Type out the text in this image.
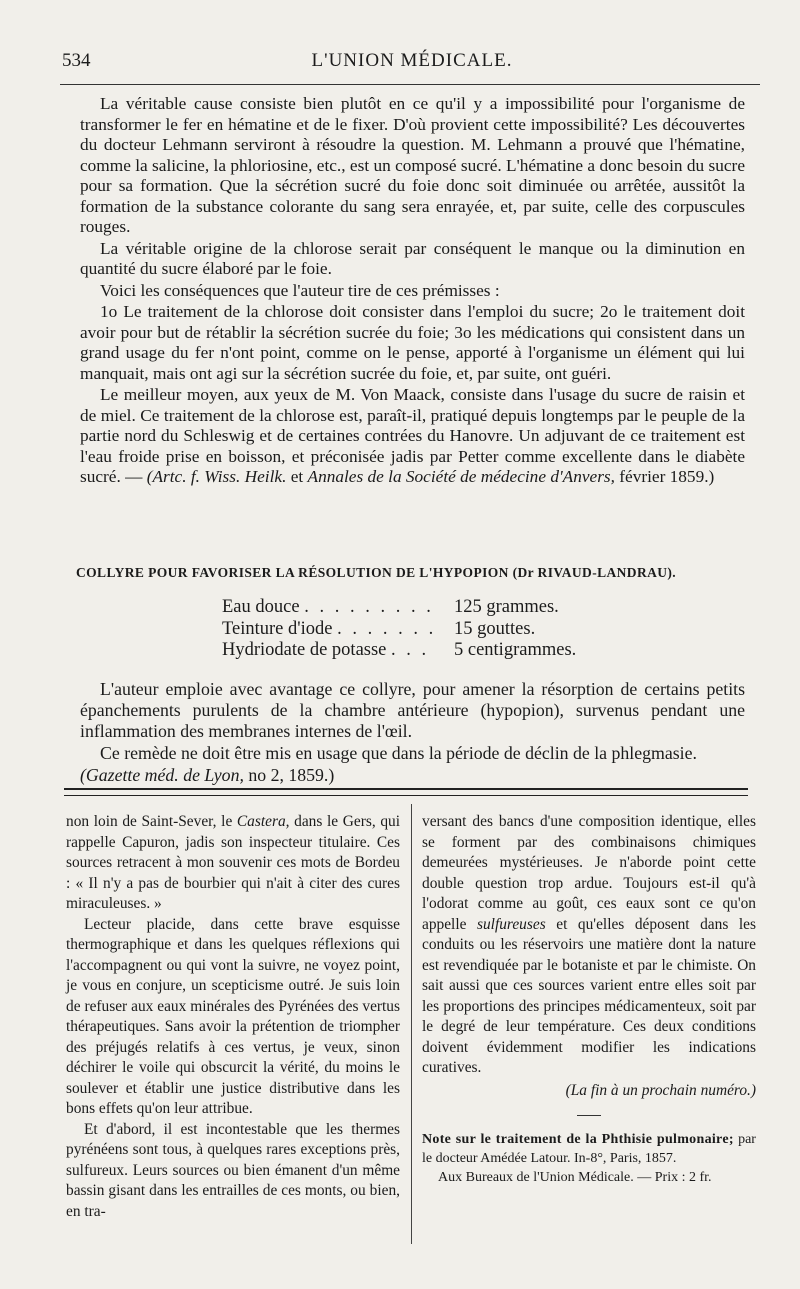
534	L'UNION MÉDICALE.

La véritable cause consiste bien plutôt en ce qu'il y a impossibilité pour l'organisme de transformer le fer en hématine et de le fixer. D'où provient cette impossibilité? Les découvertes du docteur Lehmann serviront à résoudre la question. M. Lehmann a prouvé que l'hématine, comme la salicine, la phloriosine, etc., est un composé sucré. L'hématine a donc besoin du sucre pour sa formation. Que la sécrétion sucré du foie donc soit diminuée ou arrêtée, aussitôt la formation de la substance colorante du sang sera enrayée, et, par suite, celle des corpuscules rouges.

La véritable origine de la chlorose serait par conséquent le manque ou la diminution en quantité du sucre élaboré par le foie.

Voici les conséquences que l'auteur tire de ces prémisses :

1o Le traitement de la chlorose doit consister dans l'emploi du sucre; 2o le traitement doit avoir pour but de rétablir la sécrétion sucrée du foie; 3o les médications qui consistent dans un grand usage du fer n'ont point, comme on le pense, apporté à l'organisme un élément qui lui manquait, mais ont agi sur la sécrétion sucrée du foie, et, par suite, ont guéri.

Le meilleur moyen, aux yeux de M. Von Maack, consiste dans l'usage du sucre de raisin et de miel. Ce traitement de la chlorose est, paraît-il, pratiqué depuis longtemps par le peuple de la partie nord du Schleswig et de certaines contrées du Hanovre. Un adjuvant de ce traitement est l'eau froide prise en boisson, et préconisée jadis par Petter comme excellente dans le diabète sucré. — (Artc. f. Wiss. Heilk. et Annales de la Société de médecine d'Anvers, février 1859.)

COLLYRE POUR FAVORISER LA RÉSOLUTION DE L'HYPOPION (Dr RIVAUD-LANDRAU).
Eau douce . . . . . . . . .	125 grammes.
Teinture d'iode . . . . . . . 15 gouttes.
Hydriodate de potasse . . .	5 centigrammes.

L'auteur emploie avec avantage ce collyre, pour amener la résorption de certains petits épanchements purulents de la chambre antérieure (hypopion), survenus pendant une inflammation des membranes internes de l'œil.

Ce remède ne doit être mis en usage que dans la période de déclin de la phlegmasie.

(Gazette méd. de Lyon, no 2, 1859.)

non loin de Saint-Sever, le Castera, dans le Gers, qui rappelle Capuron, jadis son inspecteur titulaire. Ces sources retracent à mon souvenir ces mots de Bordeu : « Il n'y a pas de bourbier qui n'ait à citer des cures miraculeuses. »

Lecteur placide, dans cette brave esquisse thermographique et dans les quelques réflexions qui l'accompagnent ou qui vont la suivre, ne voyez point, je vous en conjure, un scepticisme outré. Je suis loin de refuser aux eaux minérales des Pyrénées des vertus thérapeutiques. Sans avoir la prétention de triompher des préjugés relatifs à ces vertus, je veux, sinon déchirer le voile qui obscurcit la vérité, du moins le soulever et établir une justice distributive dans les bons effets qu'on leur attribue.

Et d'abord, il est incontestable que les thermes pyrénéens sont tous, à quelques rares exceptions près, sulfureux. Leurs sources ou bien émanent d'un même bassin gisant dans les entrailles de ces monts, ou bien, en tra-

versant des bancs d'une composition identique, elles se forment par des combinaisons chimiques demeurées mystérieuses. Je n'aborde point cette double question trop ardue. Toujours est-il qu'à l'odorat comme au goût, ces eaux sont ce qu'on appelle sulfureuses et qu'elles déposent dans les conduits ou les réservoirs une matière dont la nature est revendiquée par le botaniste et par le chimiste. On sait aussi que ces sources varient entre elles soit par les proportions des principes médicamenteux, soit par le degré de leur température. Ces deux conditions doivent évidemment modifier les indications curatives.

(La fin à un prochain numéro.)

Note sur le traitement de la Phthisie pulmonaire; par le docteur Amédée Latour. In-8°, Paris, 1857.

Aux Bureaux de l'Union Médicale. — Prix : 2 fr.
